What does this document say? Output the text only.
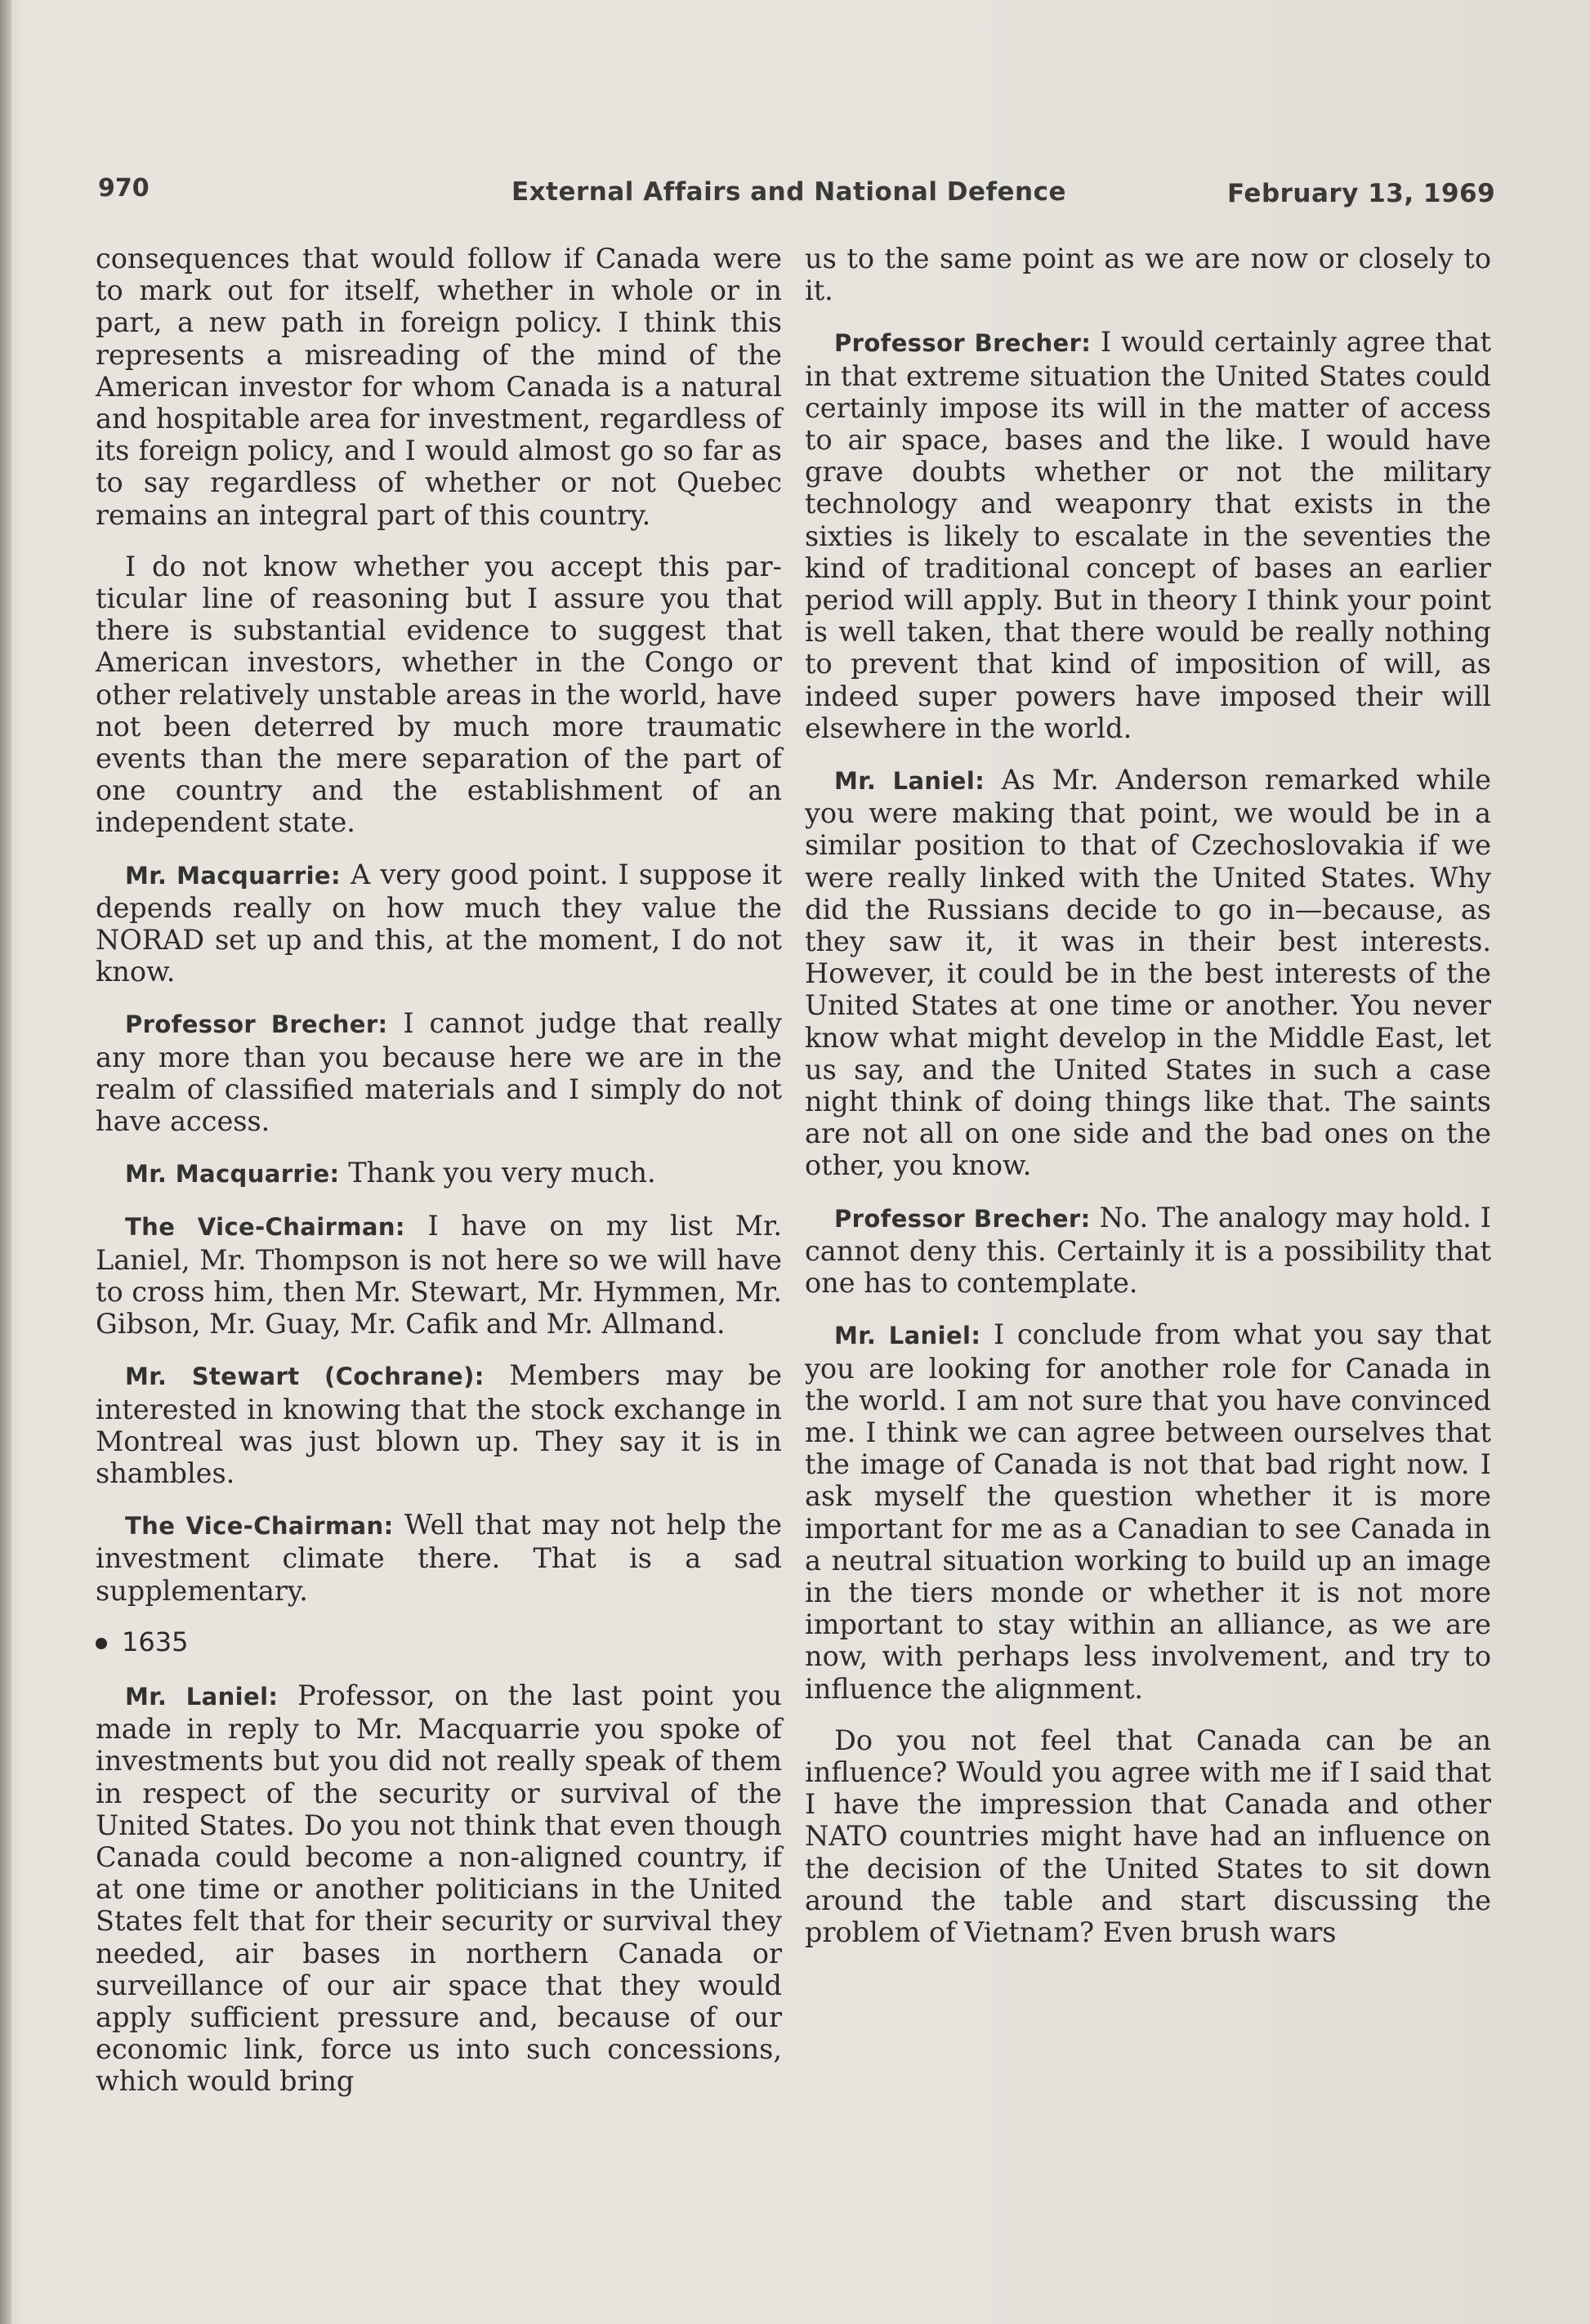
970	External Affairs and National Defence	February 13, 1969

consequences that would follow if Canada were to mark out for itself, whether in whole or in part, a new path in foreign policy. I think this represents a misreading of the mind of the American investor for whom Canada is a natural and hospitable area for investment, regardless of its foreign policy, and I would almost go so far as to say regardless of whether or not Quebec remains an integral part of this country.

I do not know whether you accept this particular line of reasoning but I assure you that there is substantial evidence to suggest that American investors, whether in the Congo or other relatively unstable areas in the world, have not been deterred by much more traumatic events than the mere separation of the part of one country and the establishment of an independent state.

Mr. Macquarrie: A very good point. I suppose it depends really on how much they value the NORAD set up and this, at the moment, I do not know.

Professor Brecher: I cannot judge that really any more than you because here we are in the realm of classified materials and I simply do not have access.

Mr. Macquarrie: Thank you very much.

The Vice-Chairman: I have on my list Mr. Laniel, Mr. Thompson is not here so we will have to cross him, then Mr. Stewart, Mr. Hymmen, Mr. Gibson, Mr. Guay, Mr. Cafik and Mr. Allmand.

Mr. Stewart (Cochrane): Members may be interested in knowing that the stock exchange in Montreal was just blown up. They say it is in shambles.

The Vice-Chairman: Well that may not help the investment climate there. That is a sad supplementary.

1635

Mr. Laniel: Professor, on the last point you made in reply to Mr. Macquarrie you spoke of investments but you did not really speak of them in respect of the security or survival of the United States. Do you not think that even though Canada could become a non-aligned country, if at one time or another politicians in the United States felt that for their security or survival they needed, air bases in northern Canada or surveillance of our air space that they would apply sufficient pressure and, because of our economic link, force us into such concessions, which would bring

us to the same point as we are now or closely to it.

Professor Brecher: I would certainly agree that in that extreme situation the United States could certainly impose its will in the matter of access to air space, bases and the like. I would have grave doubts whether or not the military technology and weaponry that exists in the sixties is likely to escalate in the seventies the kind of traditional concept of bases an earlier period will apply. But in theory I think your point is well taken, that there would be really nothing to prevent that kind of imposition of will, as indeed super powers have imposed their will elsewhere in the world.

Mr. Laniel: As Mr. Anderson remarked while you were making that point, we would be in a similar position to that of Czechoslovakia if we were really linked with the United States. Why did the Russians decide to go in—because, as they saw it, it was in their best interests. However, it could be in the best interests of the United States at one time or another. You never know what might develop in the Middle East, let us say, and the United States in such a case night think of doing things like that. The saints are not all on one side and the bad ones on the other, you know.

Professor Brecher: No. The analogy may hold. I cannot deny this. Certainly it is a possibility that one has to contemplate.

Mr. Laniel: I conclude from what you say that you are looking for another role for Canada in the world. I am not sure that you have convinced me. I think we can agree between ourselves that the image of Canada is not that bad right now. I ask myself the question whether it is more important for me as a Canadian to see Canada in a neutral situation working to build up an image in the tiers monde or whether it is not more important to stay within an alliance, as we are now, with perhaps less involvement, and try to influence the alignment.

Do you not feel that Canada can be an influence? Would you agree with me if I said that I have the impression that Canada and other NATO countries might have had an influence on the decision of the United States to sit down around the table and start discussing the problem of Vietnam? Even brush wars
